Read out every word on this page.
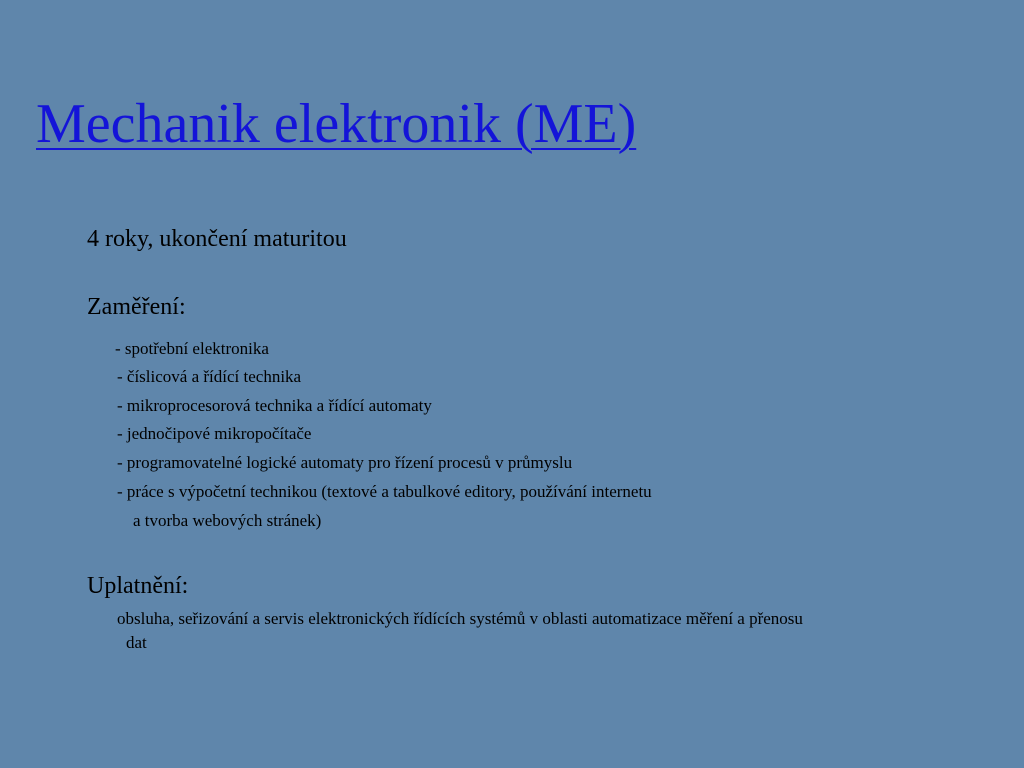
Mechanik elektronik (ME)
4 roky, ukončení maturitou
Zaměření:
- spotřební elektronika
- číslicová a řídící technika
- mikroprocesorová technika a řídící automaty
- jednočipové mikropočítače
- programovatelné logické automaty pro řízení procesů v průmyslu
- práce s výpočetní technikou (textové a tabulkové editory, používání internetu
a tvorba webových stránek)
Uplatnění:
obsluha, seřizování a servis elektronických řídících systémů v oblasti automatizace měření a přenosu
dat
